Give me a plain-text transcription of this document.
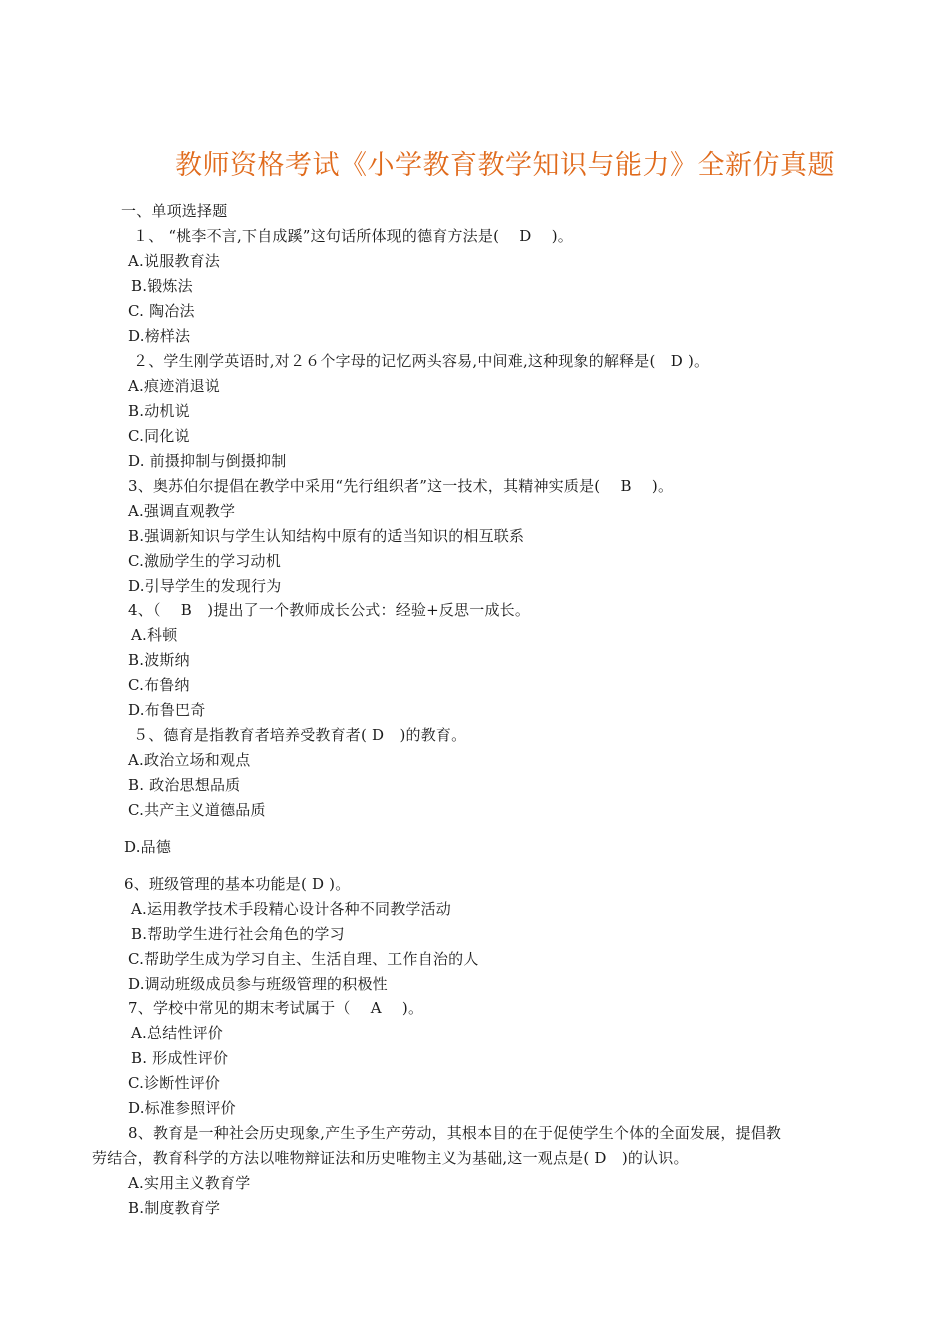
教师资格考试《小学教育教学知识与能力》全新仿真题
一、单项选择题
１、 “桃李不言,下自成蹊”这句话所体现的德育方法是(　 D　 )。
A.说服教育法
B.锻炼法
C. 陶冶法
D.榜样法
２、学生刚学英语时,对２６个字母的记忆两头容易,中间难,这种现象的解释是(　D )。
A.痕迹消退说
B.动机说
C.同化说
D. 前摄抑制与倒摄抑制
3、奥苏伯尔提倡在教学中采用“先行组织者”这一技术，其精神实质是(　 B　 )。
A.强调直观教学
B.强调新知识与学生认知结构中原有的适当知识的相互联系
C.激励学生的学习动机
D.引导学生的发现行为
4、（　 B　)提出了一个教师成长公式：经验+反思一成长。
A.科顿
B.波斯纳
C.布鲁纳
D.布鲁巴奇
５、德育是指教育者培养受教育者( D　)的教育。
A.政治立场和观点
B. 政治思想品质
C.共产主义道德品质
D.品德
6、班级管理的基本功能是( D )。
A.运用教学技术手段精心设计各种不同教学活动
B.帮助学生进行社会角色的学习
C.帮助学生成为学习自主、生活自理、工作自治的人
D.调动班级成员参与班级管理的积极性
7、学校中常见的期末考试属于（　 A　 )。
A.总结性评价
B. 形成性评价
C.诊断性评价
D.标准参照评价
8、教育是一种社会历史现象,产生予生产劳动，其根本目的在于促使学生个体的全面发展，提倡教
劳结合，教育科学的方法以唯物辩证法和历史唯物主义为基础,这一观点是( D　)的认识。
A.实用主义教育学
B.制度教育学
